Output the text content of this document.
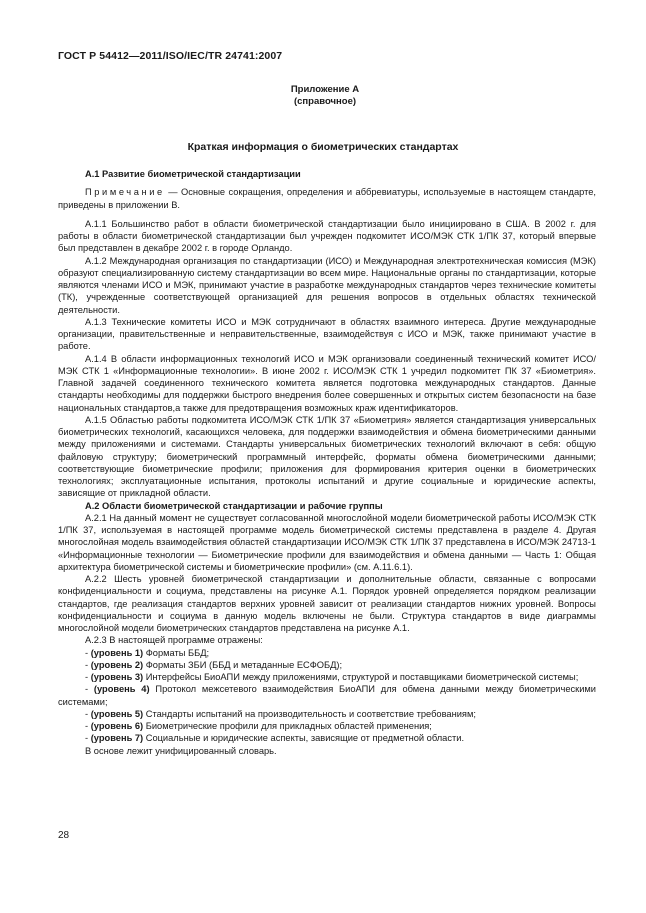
ГОСТ Р 54412—2011/ISO/IEC/TR 24741:2007
Приложение А
(справочное)
Краткая информация о биометрических стандартах

А.1 Развитие биометрической стандартизации

Примечание — Основные сокращения, определения и аббревиатуры, используемые в настоящем стандарте, приведены в приложении В.

А.1.1 Большинство работ в области биометрической стандартизации было инициировано в США. В 2002 г. для работы в области биометрической стандартизации был учрежден подкомитет ИСО/МЭК СТК 1/ПК 37, который впервые был представлен в декабре 2002 г. в городе Орландо.

А.1.2 Международная организация по стандартизации (ИСО) и Международная электротехническая комиссия (МЭК) образуют специализированную систему стандартизации во всем мире. Национальные органы по стандартизации, которые являются членами ИСО и МЭК, принимают участие в разработке международных стандартов через технические комитеты (ТК), учрежденные соответствующей организацией для решения вопросов в отдельных областях технической деятельности.

А.1.3 Технические комитеты ИСО и МЭК сотрудничают в областях взаимного интереса. Другие международные организации, правительственные и неправительственные, взаимодействуя с ИСО и МЭК, также принимают участие в работе.

А.1.4 В области информационных технологий ИСО и МЭК организовали соединенный технический комитет ИСО/МЭК СТК 1 «Информационные технологии». В июне 2002 г. ИСО/МЭК СТК 1 учредил подкомитет ПК 37 «Биометрия». Главной задачей соединенного технического комитета является подготовка международных стандартов. Данные стандарты необходимы для поддержки быстрого внедрения более совершенных и открытых систем безопасности на базе национальных стандартов,а также для предотвращения возможных краж идентификаторов.

А.1.5 Областью работы подкомитета ИСО/МЭК СТК 1/ПК 37 «Биометрия» является стандартизация универсальных биометрических технологий, касающихся человека, для поддержки взаимодействия и обмена биометрическими данными между приложениями и системами. Стандарты универсальных биометрических технологий включают в себя: общую файловую структуру; биометрический программный интерфейс, форматы обмена биометрическими данными; соответствующие биометрические профили; приложения для формирования критерия оценки в биометрических технологиях; эксплуатационные испытания, протоколы испытаний и другие социальные и юридические аспекты, зависящие от прикладной области.

А.2 Области биометрической стандартизации и рабочие группы

А.2.1 На данный момент не существует согласованной многослойной модели биометрической работы ИСО/МЭК СТК 1/ПК 37, используемая в настоящей программе модель биометрической системы представлена в разделе 4. Другая многослойная модель взаимодействия областей стандартизации ИСО/МЭК СТК 1/ПК 37 представлена в ИСО/МЭК 24713-1 «Информационные технологии — Биометрические профили для взаимодействия и обмена данными — Часть 1: Общая архитектура биометрической системы и биометрические профили» (см. А.11.6.1).

А.2.2 Шесть уровней биометрической стандартизации и дополнительные области, связанные с вопросами конфиденциальности и социума, представлены на рисунке А.1. Порядок уровней определяется порядком реализации стандартов, где реализация стандартов верхних уровней зависит от реализации стандартов нижних уровней. Вопросы конфиденциальности и социума в данную модель включены не были. Структура стандартов в виде диаграммы многослойной модели биометрических стандартов представлена на рисунке А.1.

А.2.3 В настоящей программе отражены:

- (уровень 1) Форматы ББД;

- (уровень 2) Форматы ЗБИ (ББД и метаданные ЕСФОБД);

- (уровень 3) Интерфейсы БиоАПИ между приложениями, структурой и поставщиками биометрической системы;

- (уровень 4) Протокол межсетевого взаимодействия БиоАПИ для обмена данными между биометрическими системами;

- (уровень 5) Стандарты испытаний на производительность и соответствие требованиям;

- (уровень 6) Биометрические профили для прикладных областей применения;

- (уровень 7) Социальные и юридические аспекты, зависящие от предметной области.

В основе лежит унифицированный словарь.

28
